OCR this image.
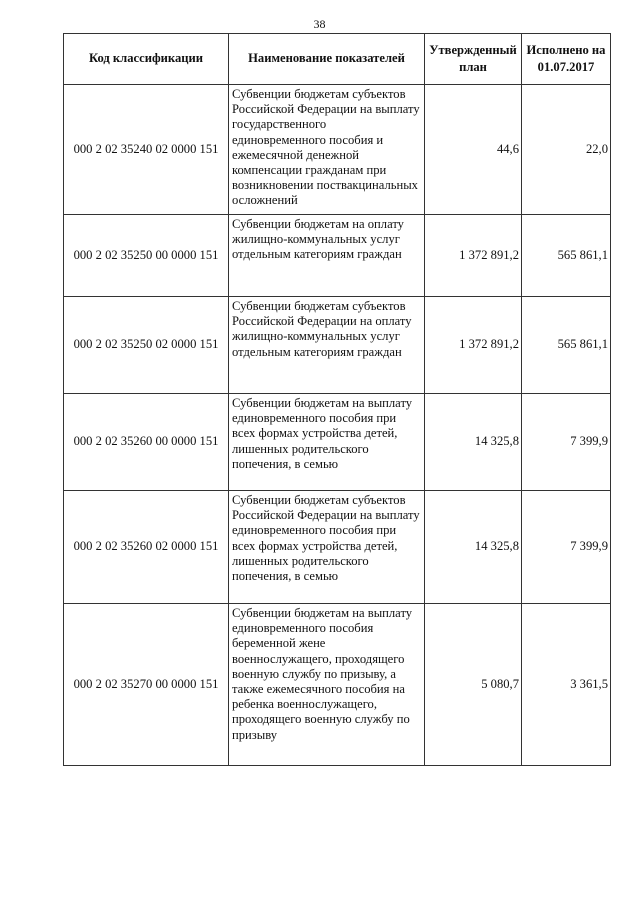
38
Код классификации	Наименование показателей	Утвержденный план	Исполнено на 01.07.2017
000 2 02 35240 02 0000 151	Субвенции бюджетам субъектов Российской Федерации на выплату государственного единовременного пособия и ежемесячной денежной компенсации гражданам при возникновении поствакцинальных осложнений	44,6	22,0
000 2 02 35250 00 0000 151	Субвенции бюджетам на оплату жилищно-коммунальных услуг отдельным категориям граждан	1 372 891,2	565 861,1
000 2 02 35250 02 0000 151	Субвенции бюджетам субъектов Российской Федерации на оплату жилищно-коммунальных услуг отдельным категориям граждан	1 372 891,2	565 861,1
000 2 02 35260 00 0000 151	Субвенции бюджетам на выплату единовременного пособия при всех формах устройства детей, лишенных родительского попечения, в семью	14 325,8	7 399,9
000 2 02 35260 02 0000 151	Субвенции бюджетам субъектов Российской Федерации на выплату единовременного пособия при всех формах устройства детей, лишенных родительского попечения, в семью	14 325,8	7 399,9
000 2 02 35270 00 0000 151	Субвенции бюджетам на выплату единовременного пособия беременной жене военнослужащего, проходящего военную службу по призыву, а также ежемесячного пособия на ребенка военнослужащего, проходящего военную службу по призыву	5 080,7	3 361,5
